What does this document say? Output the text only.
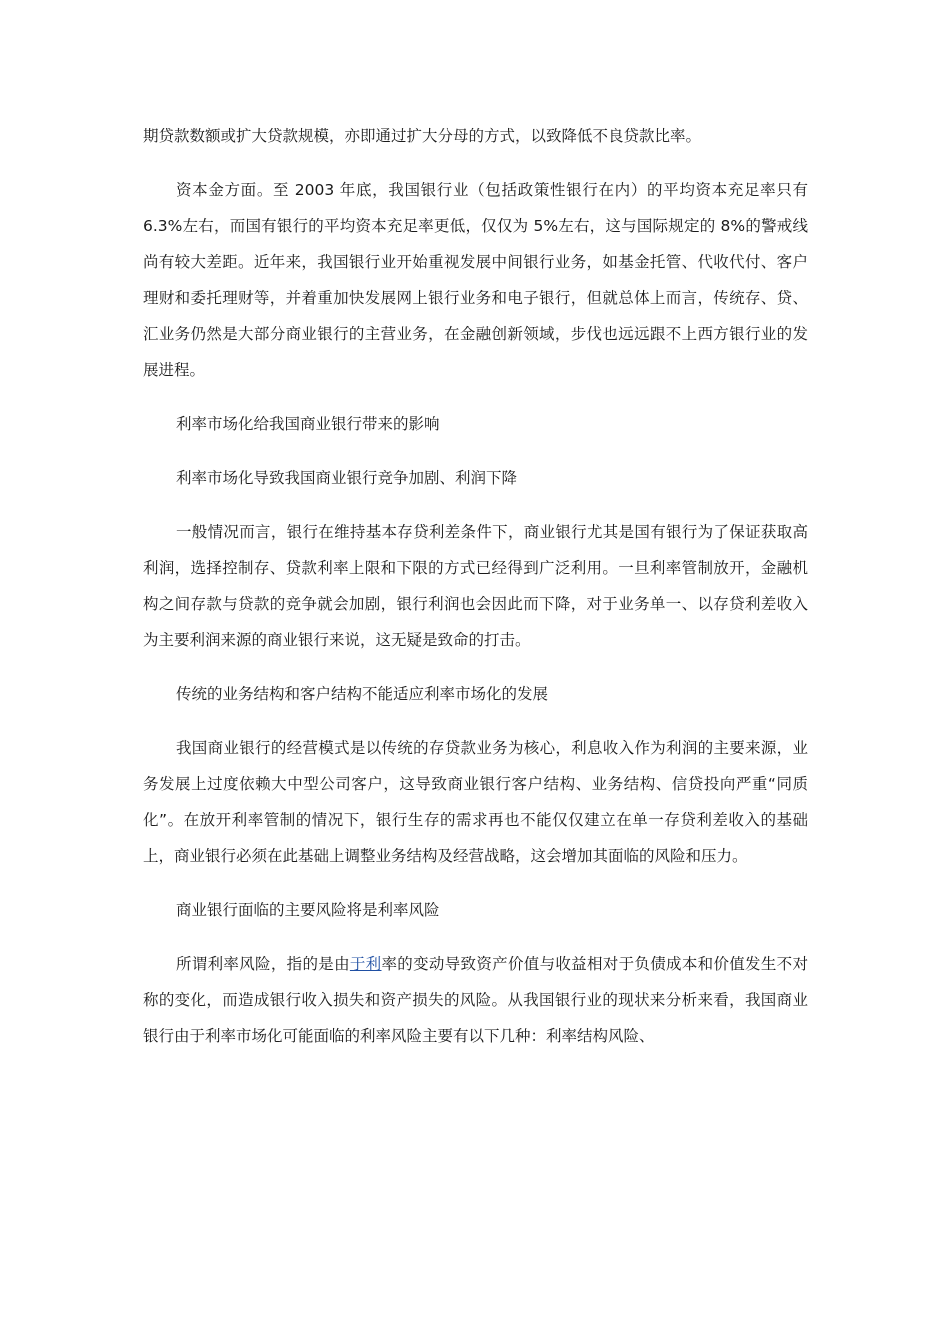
期贷款数额或扩大贷款规模，亦即通过扩大分母的方式，以致降低不良贷款比率。

资本金方面。至 2003 年底，我国银行业（包括政策性银行在内）的平均资本充足率只有 6.3%左右，而国有银行的平均资本充足率更低，仅仅为 5%左右，这与国际规定的 8%的警戒线尚有较大差距。近年来，我国银行业开始重视发展中间银行业务，如基金托管、代收代付、客户理财和委托理财等，并着重加快发展网上银行业务和电子银行，但就总体上而言，传统存、贷、汇业务仍然是大部分商业银行的主营业务，在金融创新领域，步伐也远远跟不上西方银行业的发展进程。

利率市场化给我国商业银行带来的影响

利率市场化导致我国商业银行竞争加剧、利润下降

一般情况而言，银行在维持基本存贷利差条件下，商业银行尤其是国有银行为了保证获取高利润，选择控制存、贷款利率上限和下限的方式已经得到广泛利用。一旦利率管制放开，金融机构之间存款与贷款的竞争就会加剧，银行利润也会因此而下降，对于业务单一、以存贷利差收入为主要利润来源的商业银行来说，这无疑是致命的打击。

传统的业务结构和客户结构不能适应利率市场化的发展

我国商业银行的经营模式是以传统的存贷款业务为核心，利息收入作为利润的主要来源，业务发展上过度依赖大中型公司客户，这导致商业银行客户结构、业务结构、信贷投向严重“同质化”。在放开利率管制的情况下，银行生存的需求再也不能仅仅建立在单一存贷利差收入的基础上，商业银行必须在此基础上调整业务结构及经营战略，这会增加其面临的风险和压力。

商业银行面临的主要风险将是利率风险

所谓利率风险，指的是由于利率的变动导致资产价值与收益相对于负债成本和价值发生不对称的变化，而造成银行收入损失和资产损失的风险。从我国银行业的现状来分析来看，我国商业银行由于利率市场化可能面临的利率风险主要有以下几种：利率结构风险、
